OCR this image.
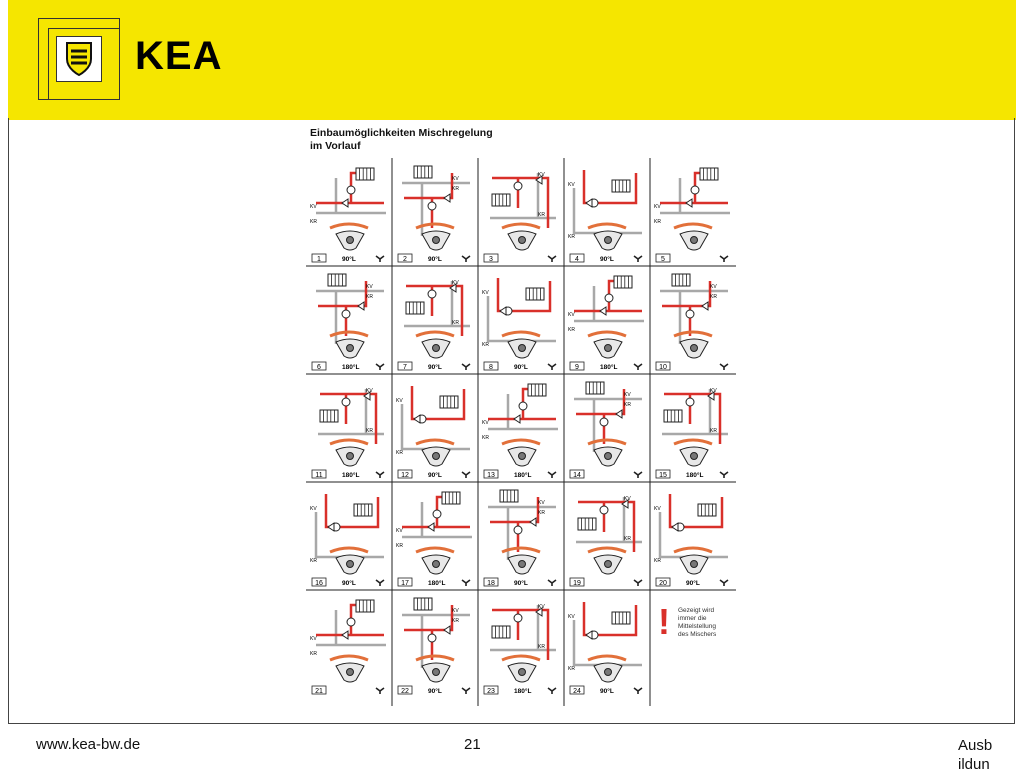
KEA
Einbaumöglichkeiten Mischregelung
im Vorlauf
1	90°L
KV
KR
2	90°L
KV
KR
3
KV
KR
4	90°L
KV
KR
5
KV
KR
6	180°L
KV
KR
7	90°L
KV
KR
8	90°L
KV
KR
9	180°L
KV
KR
10
KV
KR
11	180°L
KV
KR
12	90°L
KV
KR
13	180°L
KV
KR
14
KV
KR
15	180°L
KV
KR
16	90°L
KV
KR
17	180°L
KV
KR
18	90°L
KV
KR
19
KV
KR
20	90°L
KV
KR
21
KV
KR
22	90°L
KV
KR
23	180°L
KV
KR
24	90°L
KV
KR
! Gezeigt wird
immer die
Mittelstellung
des Mischers
www.kea-bw.de	21	Ausb
ildun
